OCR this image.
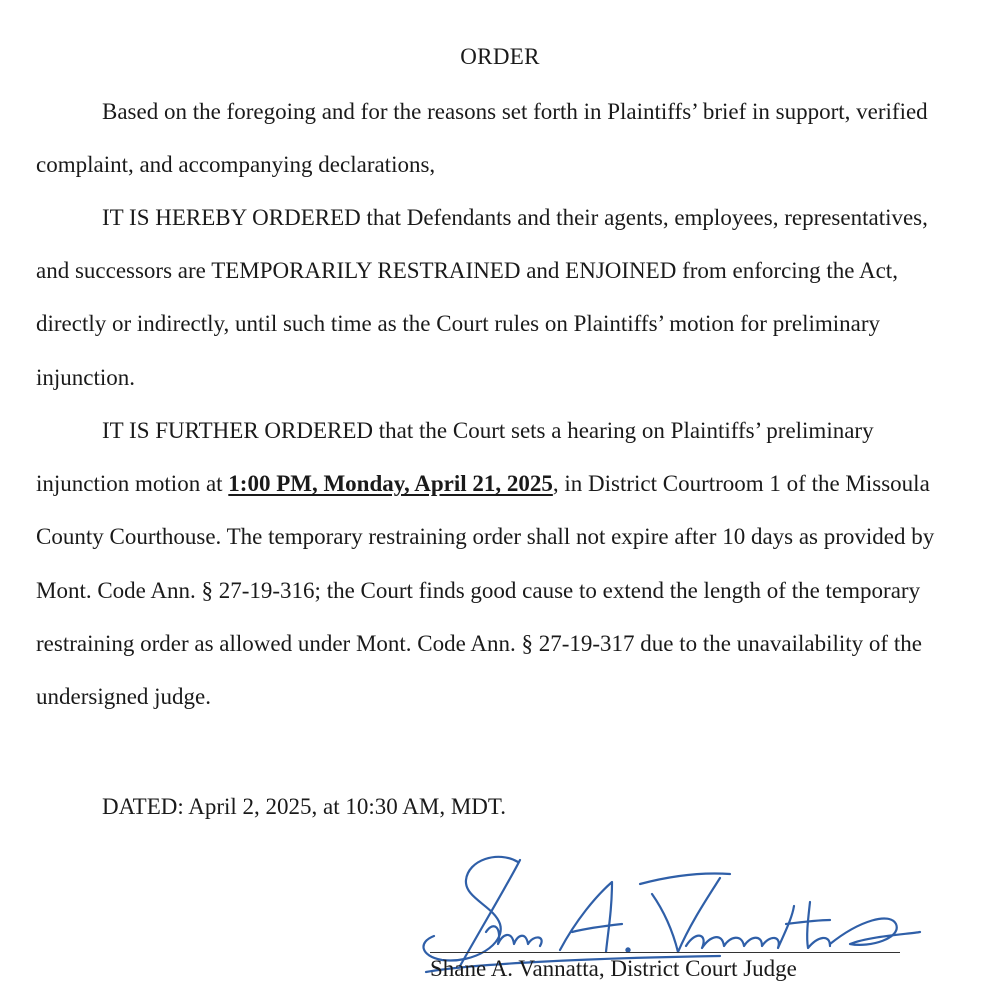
ORDER

Based on the foregoing and for the reasons set forth in Plaintiffs’ brief in support, verified complaint, and accompanying declarations,

IT IS HEREBY ORDERED that Defendants and their agents, employees, representatives, and successors are TEMPORARILY RESTRAINED and ENJOINED from enforcing the Act, directly or indirectly, until such time as the Court rules on Plaintiffs’ motion for preliminary injunction.

IT IS FURTHER ORDERED that the Court sets a hearing on Plaintiffs’ preliminary injunction motion at 1:00 PM, Monday, April 21, 2025, in District Courtroom 1 of the Missoula County Courthouse. The temporary restraining order shall not expire after 10 days as provided by Mont. Code Ann. § 27-19-316; the Court finds good cause to extend the length of the temporary restraining order as allowed under Mont. Code Ann. § 27-19-317 due to the unavailability of the undersigned judge.

DATED: April 2, 2025, at 10:30 AM, MDT.

Shane A. Vannatta, District Court Judge
